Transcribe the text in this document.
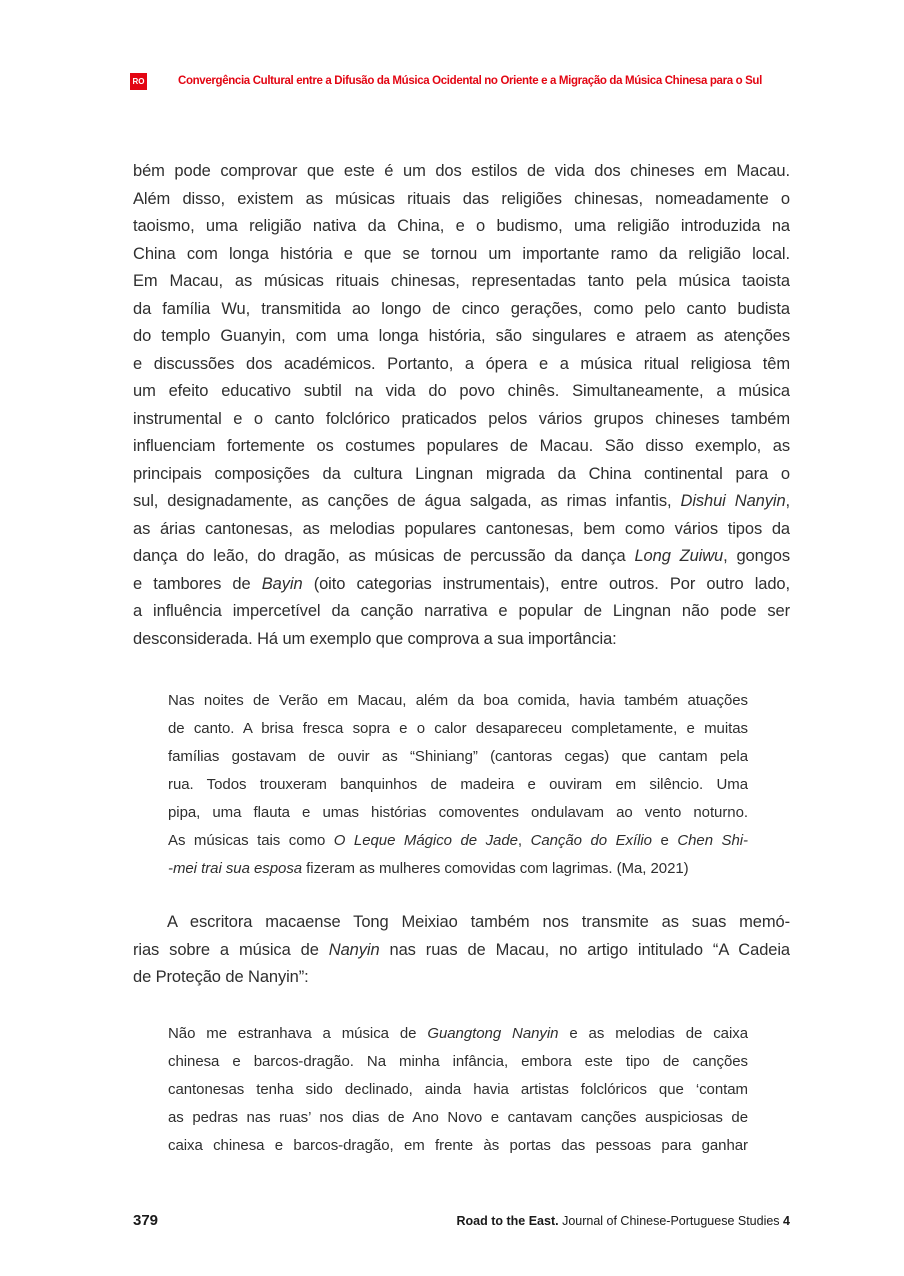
RO	Convergência Cultural entre a Difusão da Música Ocidental no Oriente e a Migração da Música Chinesa para o Sul
bém pode comprovar que este é um dos estilos de vida dos chineses em Macau.
Além disso, existem as músicas rituais das religiões chinesas, nomeadamente o
taoismo, uma religião nativa da China, e o budismo, uma religião introduzida na
China com longa história e que se tornou um importante ramo da religião local.
Em Macau, as músicas rituais chinesas, representadas tanto pela música taoista
da família Wu, transmitida ao longo de cinco gerações, como pelo canto budista
do templo Guanyin, com uma longa história, são singulares e atraem as atenções
e discussões dos académicos. Portanto, a ópera e a música ritual religiosa têm
um efeito educativo subtil na vida do povo chinês. Simultaneamente, a música
instrumental e o canto folclórico praticados pelos vários grupos chineses também
influenciam fortemente os costumes populares de Macau. São disso exemplo, as
principais composições da cultura Lingnan migrada da China continental para o
sul, designadamente, as canções de água salgada, as rimas infantis, Dishui Nanyin,
as árias cantonesas, as melodias populares cantonesas, bem como vários tipos da
dança do leão, do dragão, as músicas de percussão da dança Long Zuiwu, gongos
e tambores de Bayin (oito categorias instrumentais), entre outros. Por outro lado,
a influência impercetível da canção narrativa e popular de Lingnan não pode ser
desconsiderada. Há um exemplo que comprova a sua importância:
Nas noites de Verão em Macau, além da boa comida, havia também atuações
de canto. A brisa fresca sopra e o calor desapareceu completamente, e muitas
famílias gostavam de ouvir as “Shiniang” (cantoras cegas) que cantam pela
rua. Todos trouxeram banquinhos de madeira e ouviram em silêncio. Uma
pipa, uma flauta e umas histórias comoventes ondulavam ao vento noturno.
As músicas tais como O Leque Mágico de Jade, Canção do Exílio e Chen Shi-
-mei trai sua esposa fizeram as mulheres comovidas com lagrimas. (Ma, 2021)
A escritora macaense Tong Meixiao também nos transmite as suas memó-
rias sobre a música de Nanyin nas ruas de Macau, no artigo intitulado “A Cadeia
de Proteção de Nanyin”:
Não me estranhava a música de Guangtong Nanyin e as melodias de caixa
chinesa e barcos-dragão. Na minha infância, embora este tipo de canções
cantonesas tenha sido declinado, ainda havia artistas folclóricos que ‘contam
as pedras nas ruas’ nos dias de Ano Novo e cantavam canções auspiciosas de
caixa chinesa e barcos-dragão, em frente às portas das pessoas para ganhar
379	Road to the East. Journal of Chinese-Portuguese Studies 4
